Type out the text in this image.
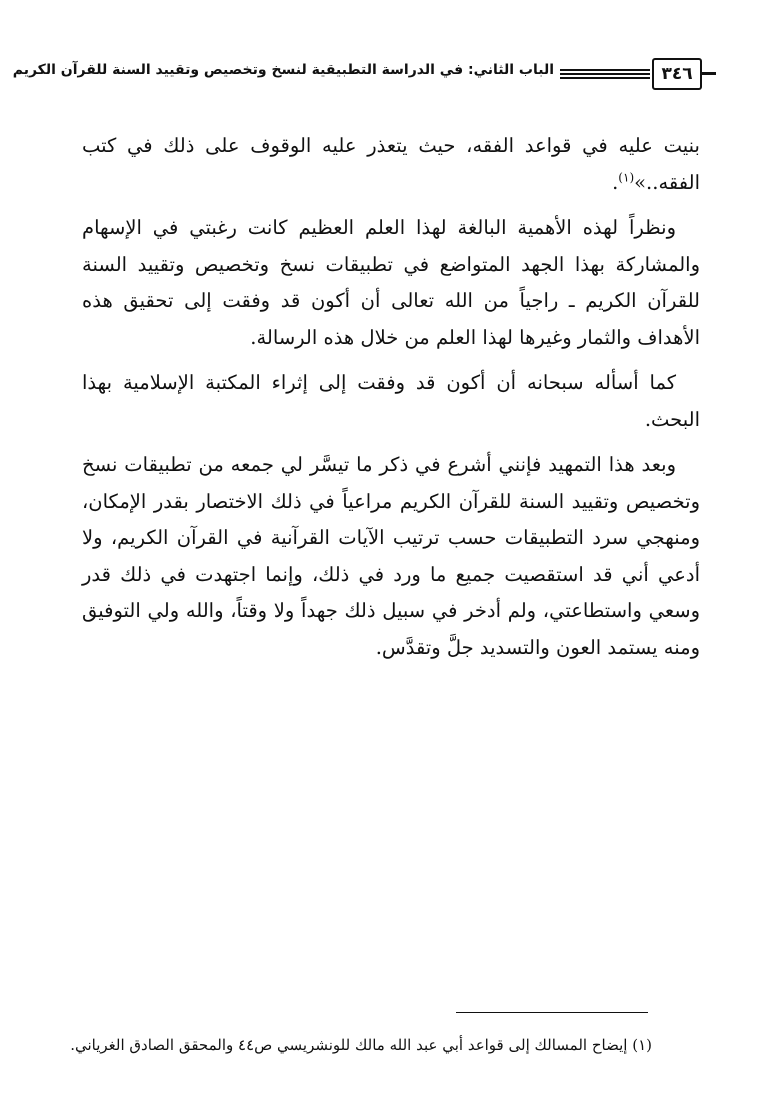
٣٤٦
الباب الثاني: في الدراسة التطبيقية لنسخ وتخصيص وتقييد السنة للقرآن الكريم

بنيت عليه في قواعد الفقه، حيث يتعذر عليه الوقوف على ذلك في كتب الفقه..»$^{(١)}$.

ونظراً لهذه الأهمية البالغة لهذا العلم العظيم كانت رغبتي في الإسهام والمشاركة بهذا الجهد المتواضع في تطبيقات نسخ وتخصيص وتقييد السنة للقرآن الكريم ـ راجياً من الله تعالى أن أكون قد وفقت إلى تحقيق هذه الأهداف والثمار وغيرها لهذا العلم من خلال هذه الرسالة.

كما أسأله سبحانه أن أكون قد وفقت إلى إثراء المكتبة الإسلامية بهذا البحث.

وبعد هذا التمهيد فإنني أشرع في ذكر ما تيسَّر لي جمعه من تطبيقات نسخ وتخصيص وتقييد السنة للقرآن الكريم مراعياً في ذلك الاختصار بقدر الإمكان، ومنهجي سرد التطبيقات حسب ترتيب الآيات القرآنية في القرآن الكريم، ولا أدعي أني قد استقصيت جميع ما ورد في ذلك، وإنما اجتهدت في ذلك قدر وسعي واستطاعتي، ولم أدخر في سبيل ذلك جهداً ولا وقتاً، والله ولي التوفيق ومنه يستمد العون والتسديد جلَّ وتقدَّس.

(١) إيضاح المسالك إلى قواعد أبي عبد الله مالك للونشريسي ص٤٤ والمحقق الصادق الغرياني.
